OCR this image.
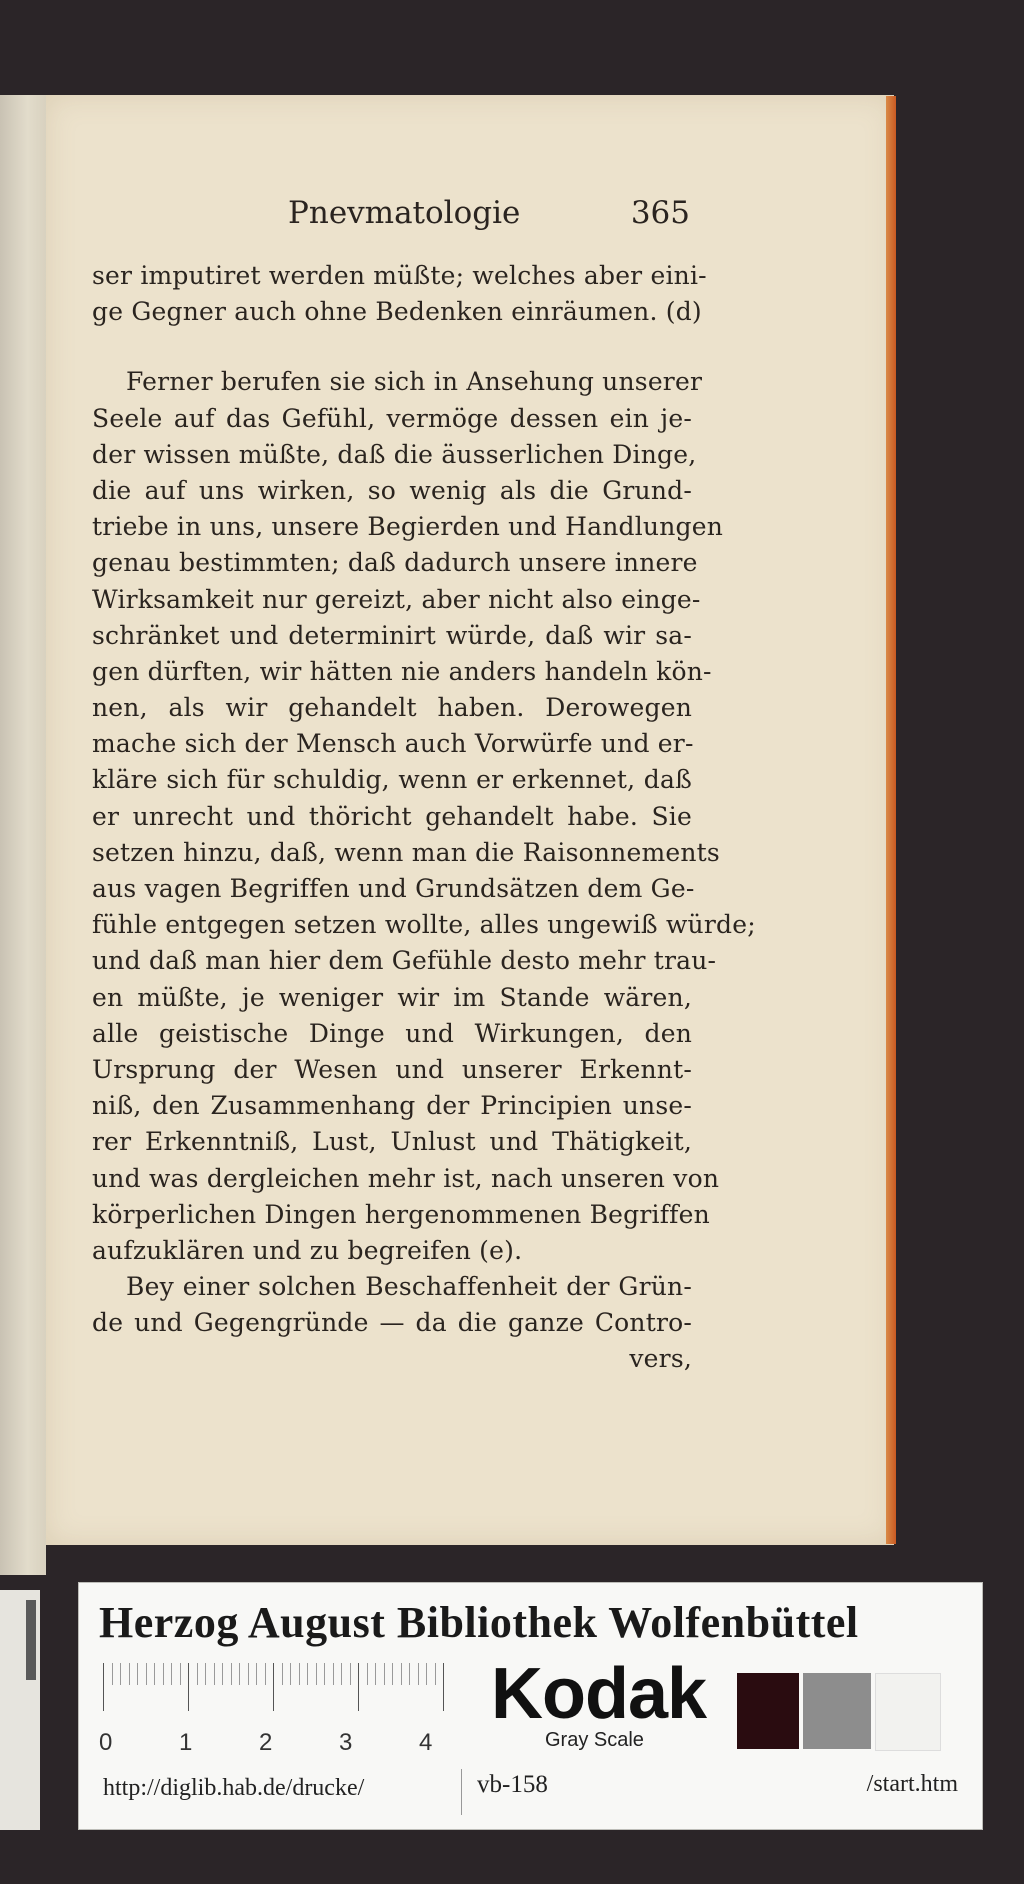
Pnevmatologie	365
ser imputiret werden müßte; welches aber eini-
ge Gegner auch ohne Bedenken einräumen. (d)
Ferner berufen sie sich in Ansehung unserer
Seele auf das Gefühl, vermöge dessen ein je-
der wissen müßte, daß die äusserlichen Dinge,
die auf uns wirken, so wenig als die Grund-
triebe in uns, unsere Begierden und Handlungen
genau bestimmten; daß dadurch unsere innere
Wirksamkeit nur gereizt, aber nicht also einge-
schränket und determinirt würde, daß wir sa-
gen dürften, wir hätten nie anders handeln kön-
nen, als wir gehandelt haben. Derowegen
mache sich der Mensch auch Vorwürfe und er-
kläre sich für schuldig, wenn er erkennet, daß
er unrecht und thöricht gehandelt habe. Sie
setzen hinzu, daß, wenn man die Raisonnements
aus vagen Begriffen und Grundsätzen dem Ge-
fühle entgegen setzen wollte, alles ungewiß würde;
und daß man hier dem Gefühle desto mehr trau-
en müßte, je weniger wir im Stande wären,
alle geistische Dinge und Wirkungen, den
Ursprung der Wesen und unserer Erkennt-
niß, den Zusammenhang der Principien unse-
rer Erkenntniß, Lust, Unlust und Thätigkeit,
und was dergleichen mehr ist, nach unseren von
körperlichen Dingen hergenommenen Begriffen
aufzuklären und zu begreifen (e).
Bey einer solchen Beschaffenheit der Grün-
de und Gegengründe — da die ganze Contro-
vers,
Herzog August Bibliothek Wolfenbüttel
0	1	2	3	4
Kodak
Gray Scale
http://diglib.hab.de/drucke/	vb-158	/start.htm
